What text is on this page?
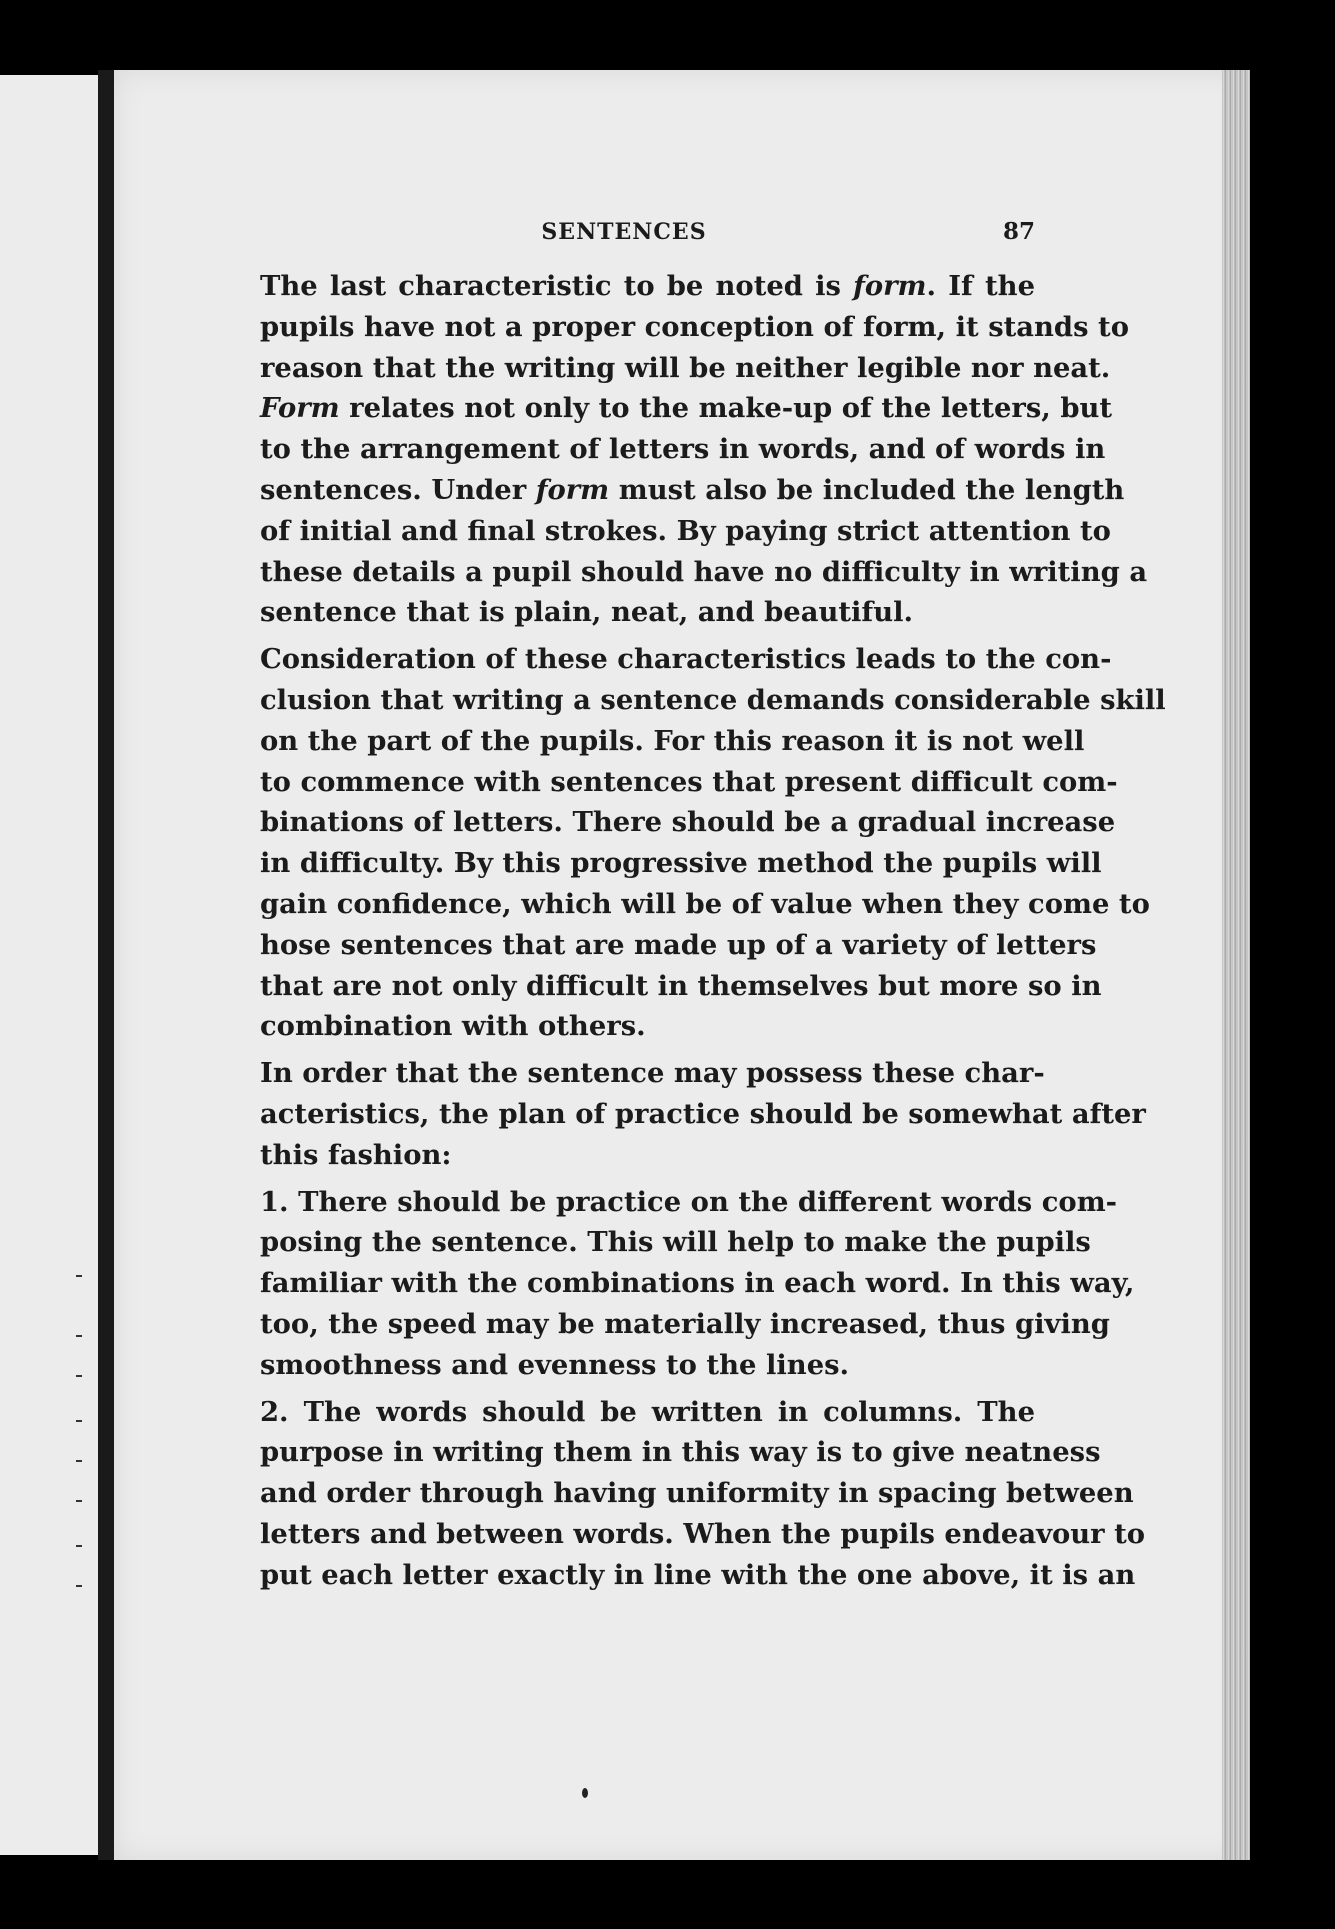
SENTENCES	87

The last characteristic to be noted is form. If the
pupils have not a proper conception of form, it stands to
reason that the writing will be neither legible nor neat.
Form relates not only to the make-up of the letters, but
to the arrangement of letters in words, and of words in
sentences. Under form must also be included the length
of initial and final strokes. By paying strict attention to
these details a pupil should have no difficulty in writing a
sentence that is plain, neat, and beautiful.

Consideration of these characteristics leads to the con-
clusion that writing a sentence demands considerable skill
on the part of the pupils. For this reason it is not well
to commence with sentences that present difficult com-
binations of letters. There should be a gradual increase
in difficulty. By this progressive method the pupils will
gain confidence, which will be of value when they come to
hose sentences that are made up of a variety of letters
that are not only difficult in themselves but more so in
combination with others.

In order that the sentence may possess these char-
acteristics, the plan of practice should be somewhat after
this fashion:

1. There should be practice on the different words com-
posing the sentence. This will help to make the pupils
familiar with the combinations in each word. In this way,
too, the speed may be materially increased, thus giving
smoothness and evenness to the lines.

2. The words should be written in columns. The
purpose in writing them in this way is to give neatness
and order through having uniformity in spacing between
letters and between words. When the pupils endeavour to
put each letter exactly in line with the one above, it is an
